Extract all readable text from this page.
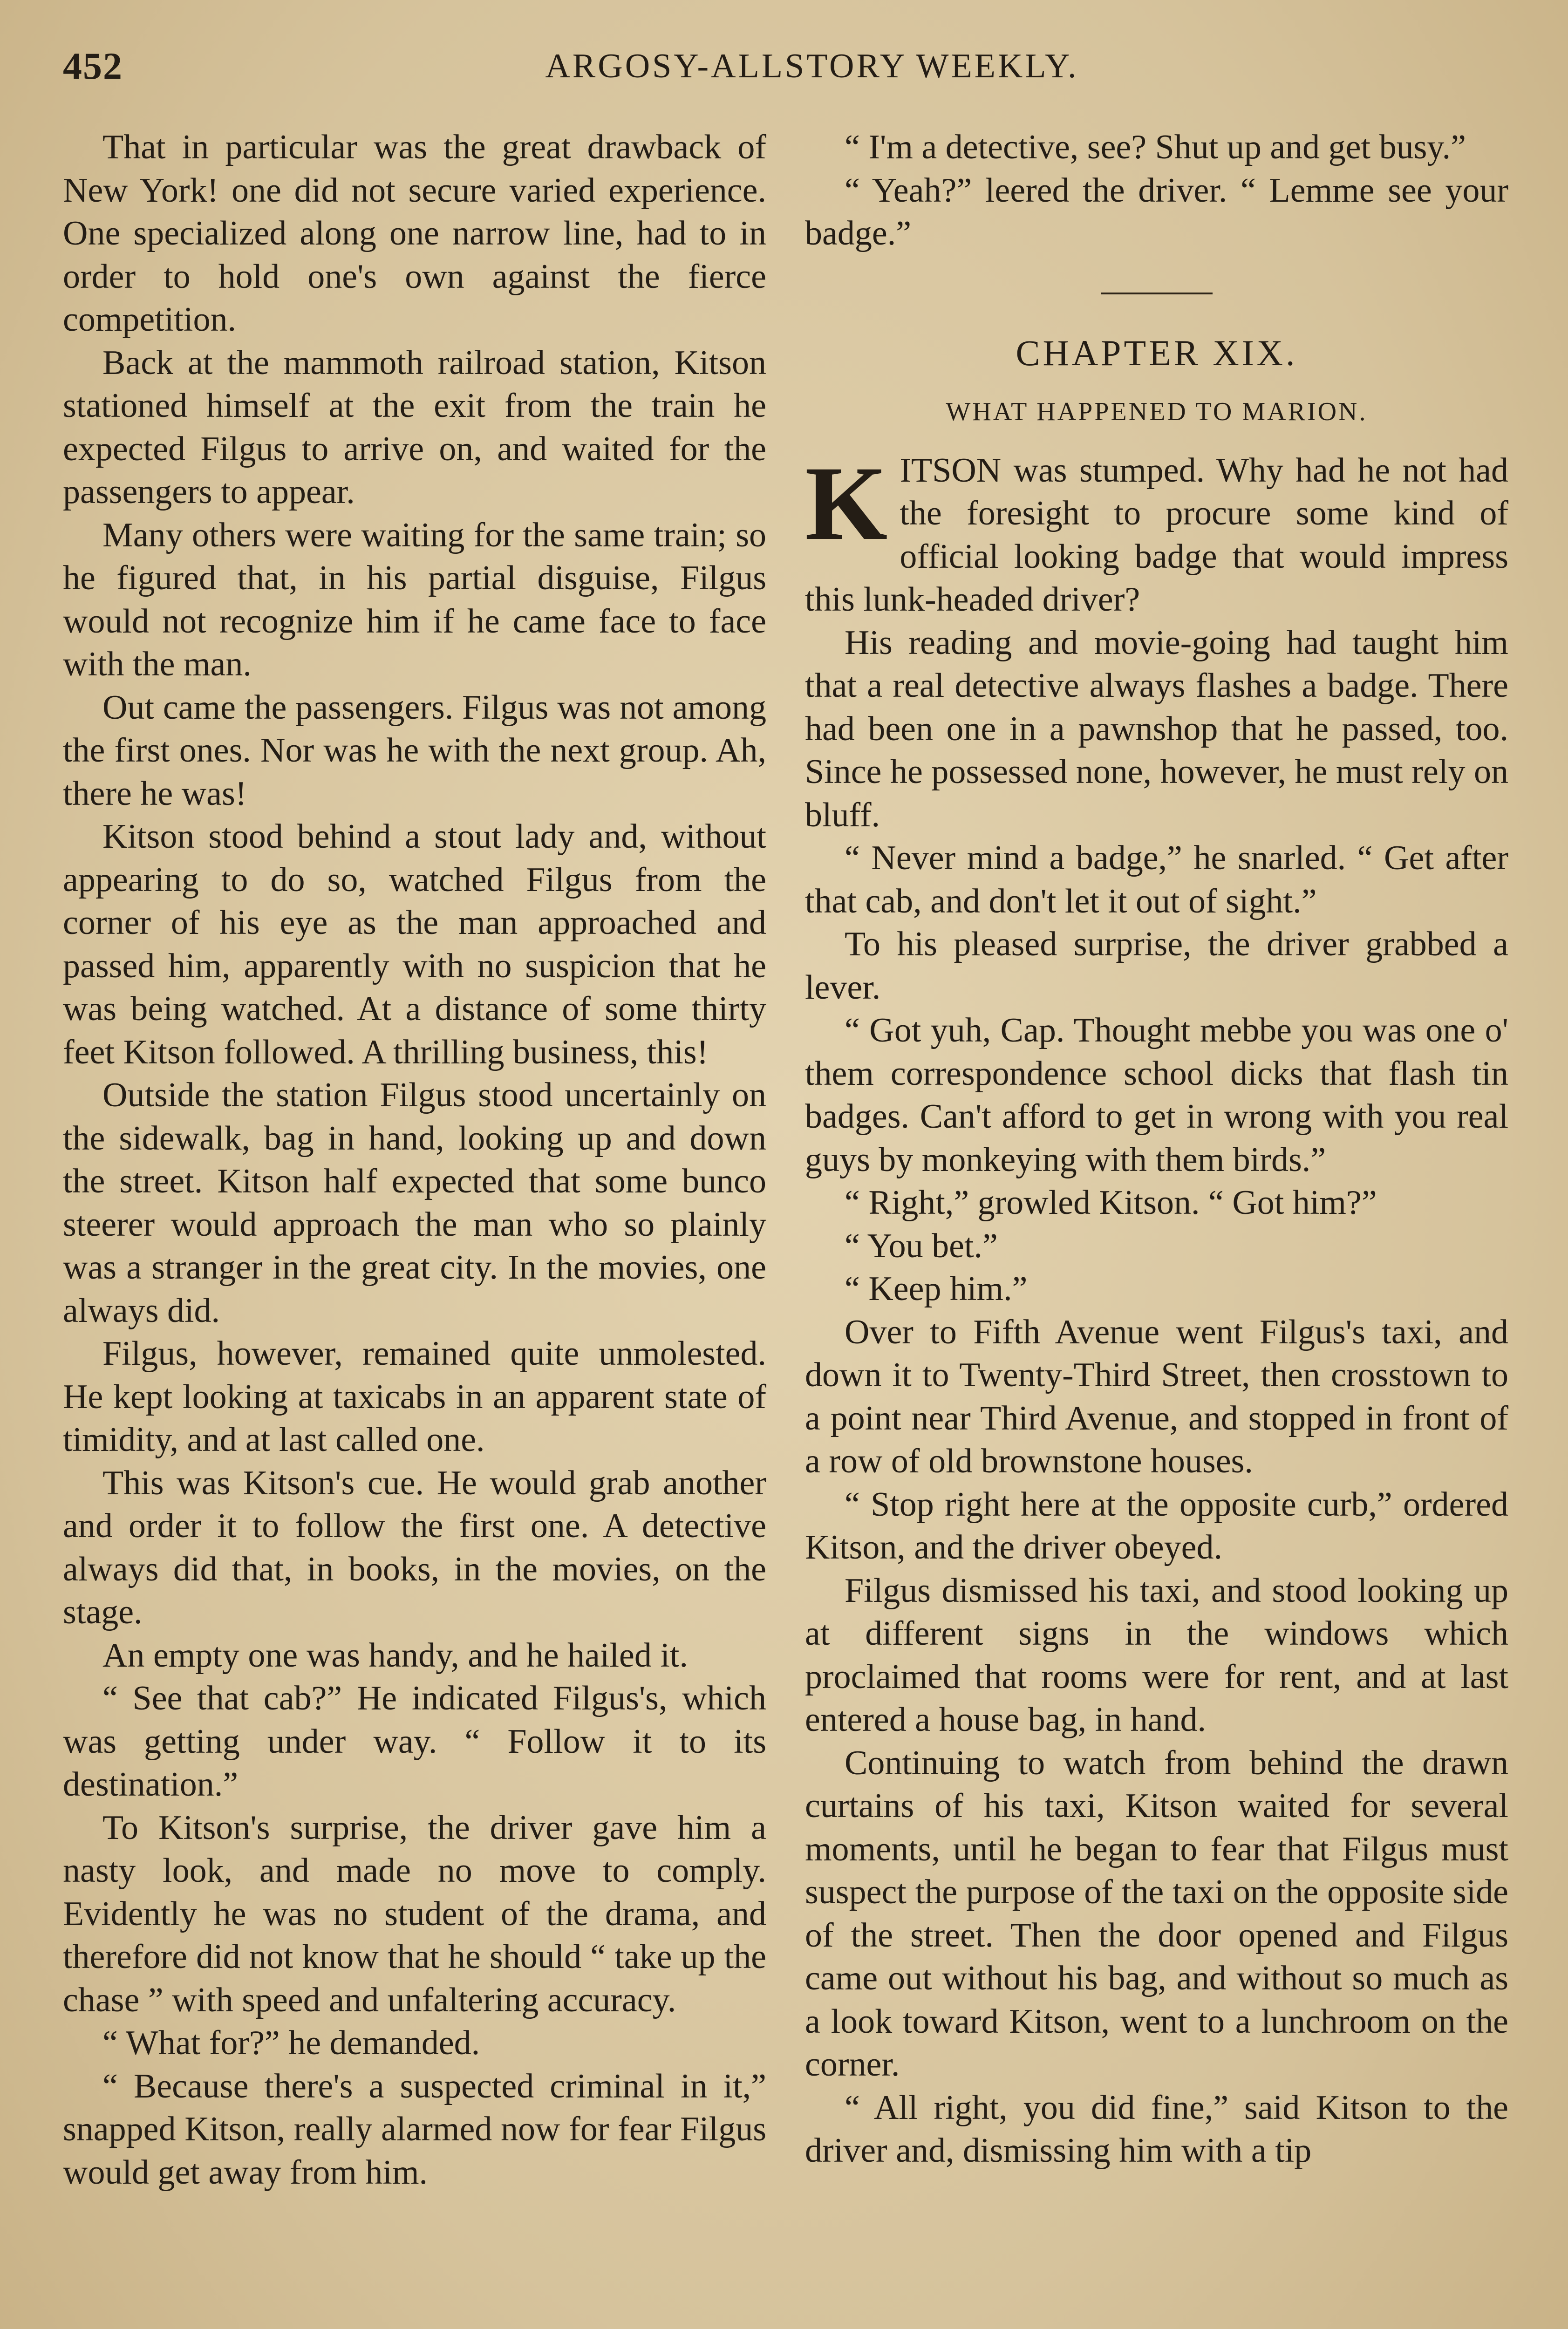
452	ARGOSY-ALLSTORY WEEKLY.

That in particular was the great drawback of New York! one did not secure varied experience. One specialized along one narrow line, had to in order to hold one's own against the fierce competition.

Back at the mammoth railroad station, Kitson stationed himself at the exit from the train he expected Filgus to arrive on, and waited for the passengers to appear.

Many others were waiting for the same train; so he figured that, in his partial disguise, Filgus would not recognize him if he came face to face with the man.

Out came the passengers. Filgus was not among the first ones. Nor was he with the next group. Ah, there he was!

Kitson stood behind a stout lady and, without appearing to do so, watched Filgus from the corner of his eye as the man approached and passed him, apparently with no suspicion that he was being watched. At a distance of some thirty feet Kitson followed. A thrilling business, this!

Outside the station Filgus stood uncertainly on the sidewalk, bag in hand, looking up and down the street. Kitson half expected that some bunco steerer would approach the man who so plainly was a stranger in the great city. In the movies, one always did.

Filgus, however, remained quite unmolested. He kept looking at taxicabs in an apparent state of timidity, and at last called one.

This was Kitson's cue. He would grab another and order it to follow the first one. A detective always did that, in books, in the movies, on the stage.

An empty one was handy, and he hailed it.

“ See that cab?” He indicated Filgus's, which was getting under way. “ Follow it to its destination.”

To Kitson's surprise, the driver gave him a nasty look, and made no move to comply. Evidently he was no student of the drama, and therefore did not know that he should “ take up the chase ” with speed and unfaltering accuracy.

“ What for?” he demanded.

“ Because there's a suspected criminal in it,” snapped Kitson, really alarmed now for fear Filgus would get away from him.

“ I'm a detective, see? Shut up and get busy.”

“ Yeah?” leered the driver. “ Lemme see your badge.”

CHAPTER XIX.
WHAT HAPPENED TO MARION.

KITSON was stumped. Why had he not had the foresight to procure some kind of official looking badge that would impress this lunk-headed driver?

His reading and movie-going had taught him that a real detective always flashes a badge. There had been one in a pawnshop that he passed, too. Since he possessed none, however, he must rely on bluff.

“ Never mind a badge,” he snarled. “ Get after that cab, and don't let it out of sight.”

To his pleased surprise, the driver grabbed a lever.

“ Got yuh, Cap. Thought mebbe you was one o' them correspondence school dicks that flash tin badges. Can't afford to get in wrong with you real guys by monkeying with them birds.”

“ Right,” growled Kitson. “ Got him?”

“ You bet.”

“ Keep him.”

Over to Fifth Avenue went Filgus's taxi, and down it to Twenty-Third Street, then crosstown to a point near Third Avenue, and stopped in front of a row of old brownstone houses.

“ Stop right here at the opposite curb,” ordered Kitson, and the driver obeyed.

Filgus dismissed his taxi, and stood looking up at different signs in the windows which proclaimed that rooms were for rent, and at last entered a house bag, in hand.

Continuing to watch from behind the drawn curtains of his taxi, Kitson waited for several moments, until he began to fear that Filgus must suspect the purpose of the taxi on the opposite side of the street. Then the door opened and Filgus came out without his bag, and without so much as a look toward Kitson, went to a lunchroom on the corner.

“ All right, you did fine,” said Kitson to the driver and, dismissing him with a tip
